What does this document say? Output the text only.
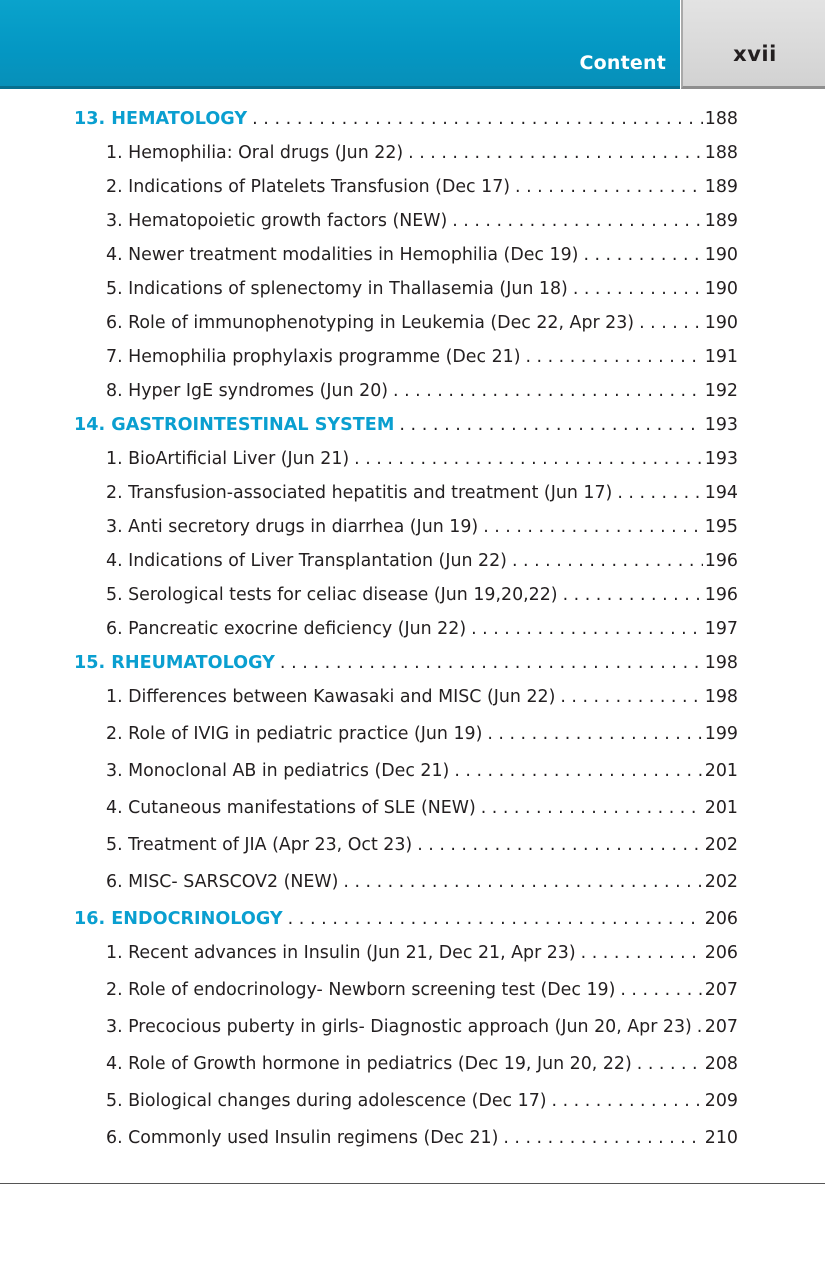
Content	xvii
13. HEMATOLOGY . . .	188
1. Hemophilia: Oral drugs (Jun 22) . . .	188
2. Indications of Platelets Transfusion (Dec 17) . . .	189
3. Hematopoietic growth factors (NEW) . . .	189
4. Newer treatment modalities in Hemophilia (Dec 19) . . .	190
5. Indications of splenectomy in Thallasemia (Jun 18) . . .	190
6. Role of immunophenotyping in Leukemia (Dec 22, Apr 23) . . .	190
7. Hemophilia prophylaxis programme (Dec 21) . . .	191
8. Hyper IgE syndromes (Jun 20) . . .	192
14. GASTROINTESTINAL SYSTEM . . .	193
1. BioArtificial Liver (Jun 21) . . .	193
2. Transfusion-associated hepatitis and treatment (Jun 17) . . .	194
3. Anti secretory drugs in diarrhea (Jun 19) . . .	195
4. Indications of Liver Transplantation (Jun 22) . . .	196
5. Serological tests for celiac disease (Jun 19,20,22) . . .	196
6. Pancreatic exocrine deficiency (Jun 22) . . .	197
15. RHEUMATOLOGY . . .	198
1. Differences between Kawasaki and MISC (Jun 22) . . .	198
2. Role of IVIG in pediatric practice (Jun 19) . . .	199
3. Monoclonal AB in pediatrics (Dec 21) . . .	201
4. Cutaneous manifestations of SLE (NEW) . . .	201
5. Treatment of JIA (Apr 23, Oct 23) . . .	202
6. MISC- SARSCOV2 (NEW) . . .	202
16. ENDOCRINOLOGY . . .	206
1. Recent advances in Insulin (Jun 21, Dec 21, Apr 23) . . .	206
2. Role of endocrinology- Newborn screening test (Dec 19) . . .	207
3. Precocious puberty in girls- Diagnostic approach (Jun 20, Apr 23) . . . 207
4. Role of Growth hormone in pediatrics (Dec 19, Jun 20, 22) . . .	208
5. Biological changes during adolescence (Dec 17) . . .	209
6. Commonly used Insulin regimens (Dec 21) . . .	210
